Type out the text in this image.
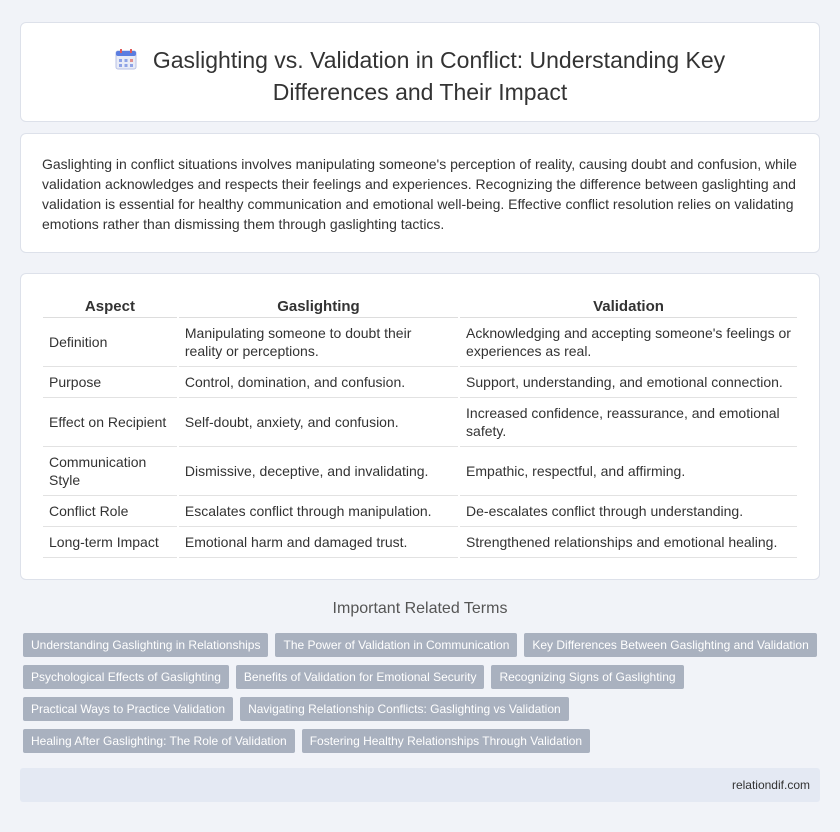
Gaslighting vs. Validation in Conflict: Understanding Key Differences and Their Impact

Gaslighting in conflict situations involves manipulating someone's perception of reality, causing doubt and confusion, while validation acknowledges and respects their feelings and experiences. Recognizing the difference between gaslighting and validation is essential for healthy communication and emotional well-being. Effective conflict resolution relies on validating emotions rather than dismissing them through gaslighting tactics.

Aspect	Gaslighting	Validation
Definition	Manipulating someone to doubt their reality or perceptions.	Acknowledging and accepting someone's feelings or experiences as real.
Purpose	Control, domination, and confusion.	Support, understanding, and emotional connection.
Effect on Recipient	Self-doubt, anxiety, and confusion.	Increased confidence, reassurance, and emotional safety.
Communication Style	Dismissive, deceptive, and invalidating.	Empathic, respectful, and affirming.
Conflict Role	Escalates conflict through manipulation.	De-escalates conflict through understanding.
Long-term Impact	Emotional harm and damaged trust.	Strengthened relationships and emotional healing.
Important Related Terms
Understanding Gaslighting in Relationships	The Power of Validation in Communication	Key Differences Between Gaslighting and Validation
Psychological Effects of Gaslighting	Benefits of Validation for Emotional Security	Recognizing Signs of Gaslighting
Practical Ways to Practice Validation	Navigating Relationship Conflicts: Gaslighting vs Validation
Healing After Gaslighting: The Role of Validation	Fostering Healthy Relationships Through Validation
relationdif.com
